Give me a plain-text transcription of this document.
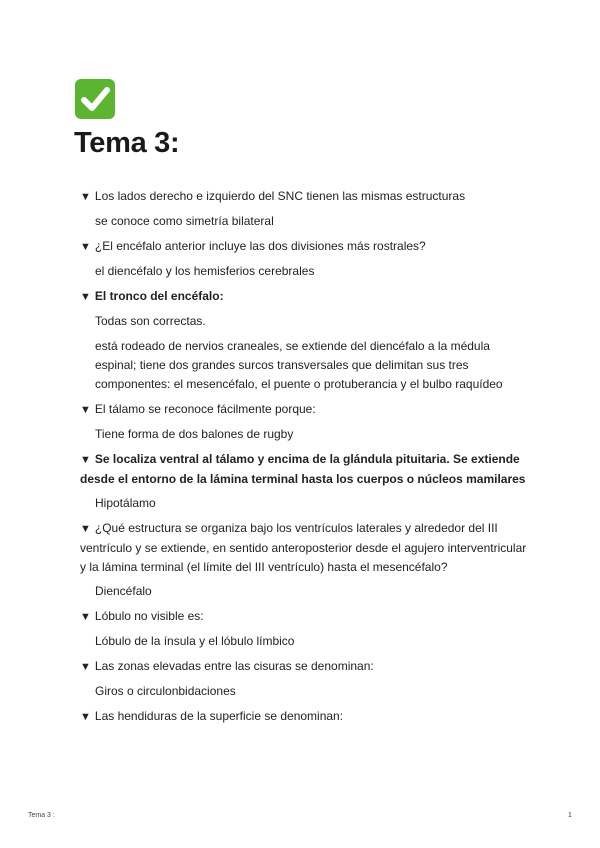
Tema 3:
▼ Los lados derecho e izquierdo del SNC tienen las mismas estructuras
se conoce como simetría bilateral
▼ ¿El encéfalo anterior incluye las dos divisiones más rostrales?
el diencéfalo y los hemisferios cerebrales
▼ El tronco del encéfalo:
Todas son correctas.
está rodeado de nervios craneales, se extiende del diencéfalo a la médula espinal; tiene dos grandes surcos transversales que delimitan sus tres componentes: el mesencéfalo, el puente o protuberancia y el bulbo raquídeo
▼ El tálamo se reconoce fácilmente porque:
Tiene forma de dos balones de rugby
▼ Se localiza ventral al tálamo y encima de la glándula pituitaria. Se extiende desde el entorno de la lámina terminal hasta los cuerpos o núcleos mamilares
Hipotálamo
▼ ¿Qué estructura se organiza bajo los ventrículos laterales y alrededor del III ventrículo y se extiende, en sentido anteroposterior desde el agujero interventricular y la lámina terminal (el límite del III ventrículo) hasta el mesencéfalo?
Diencéfalo
▼ Lóbulo no visible es:
Lóbulo de la ínsula y el lóbulo límbico
▼ Las zonas elevadas entre las cisuras se denominan:
Giros o circulonbidaciones
▼ Las hendiduras de la superficie se denominan:
Tema 3 :	1
